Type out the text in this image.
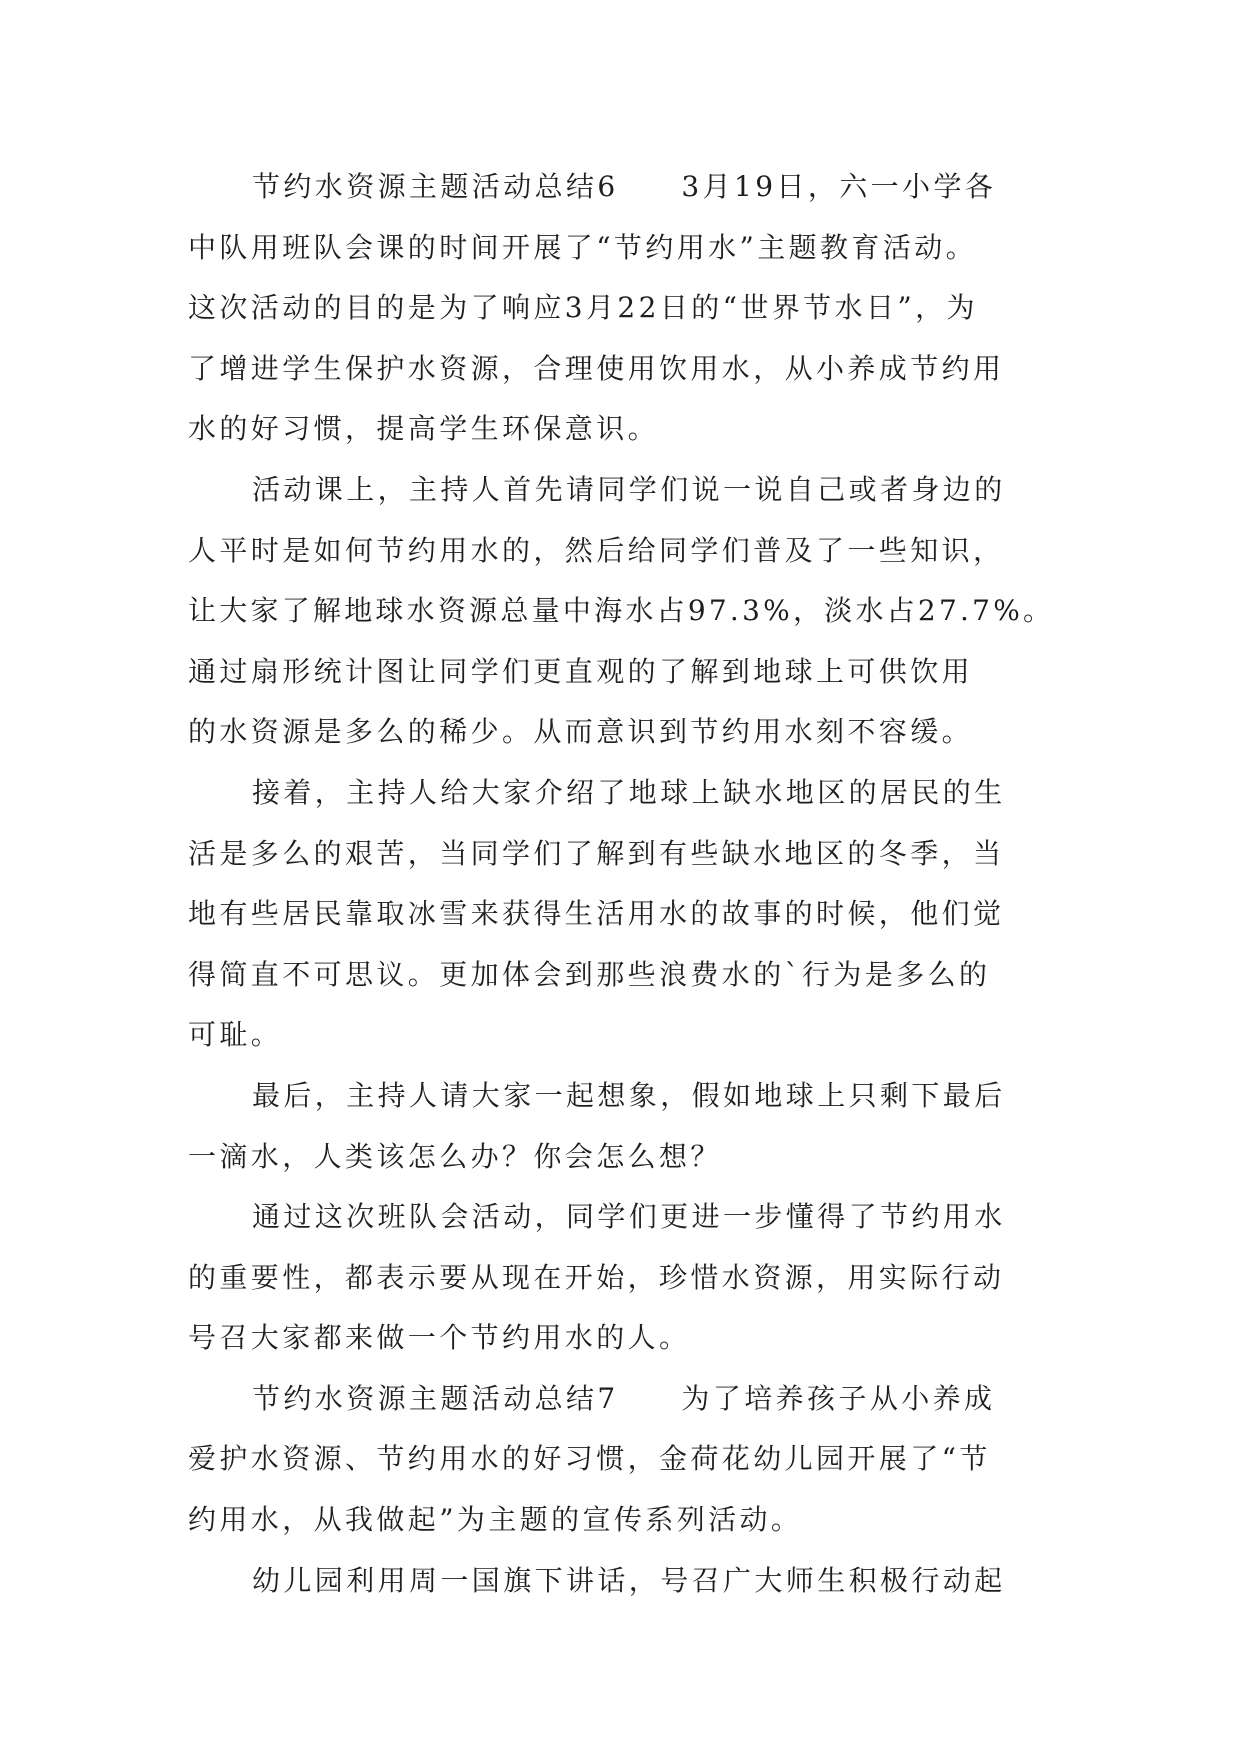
节约水资源主题活动总结6　　3月19日，六一小学各
中队用班队会课的时间开展了“节约用水”主题教育活动。
这次活动的目的是为了响应3月22日的“世界节水日”，为
了增进学生保护水资源，合理使用饮用水，从小养成节约用
水的好习惯，提高学生环保意识。
活动课上，主持人首先请同学们说一说自己或者身边的
人平时是如何节约用水的，然后给同学们普及了一些知识，
让大家了解地球水资源总量中海水占97.3%，淡水占27.7%。
通过扇形统计图让同学们更直观的了解到地球上可供饮用
的水资源是多么的稀少。从而意识到节约用水刻不容缓。
接着，主持人给大家介绍了地球上缺水地区的居民的生
活是多么的艰苦，当同学们了解到有些缺水地区的冬季，当
地有些居民靠取冰雪来获得生活用水的故事的时候，他们觉
得简直不可思议。更加体会到那些浪费水的`行为是多么的
可耻。
最后，主持人请大家一起想象，假如地球上只剩下最后
一滴水，人类该怎么办？你会怎么想？
通过这次班队会活动，同学们更进一步懂得了节约用水
的重要性，都表示要从现在开始，珍惜水资源，用实际行动
号召大家都来做一个节约用水的人。
节约水资源主题活动总结7　　为了培养孩子从小养成
爱护水资源、节约用水的好习惯，金荷花幼儿园开展了“节
约用水，从我做起”为主题的宣传系列活动。
幼儿园利用周一国旗下讲话，号召广大师生积极行动起
